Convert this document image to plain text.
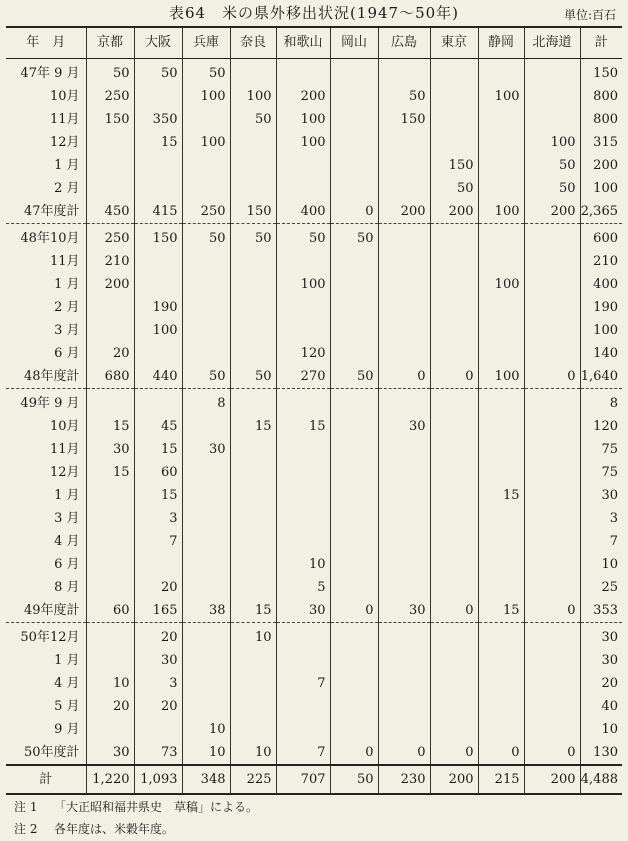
表64　米の県外移出状況(1947〜50年)	単位:百石
年　月	京都	大阪	兵庫	奈良	和歌山	岡山	広島	東京	静岡	北海道	計
47年 9 月	50	50	50								150
10月	250		100	100	200		50		100		800
11月	150	350		50	100		150				800
12月		15	100		100					100	315
1 月								150		50	200
2 月								50		50	100
47年度計	450	415	250	150	400	0	200	200	100	200	2,365
48年10月	250	150	50	50	50	50					600
11月	210										210
1 月	200				100				100		400
2 月		190									190
3 月		100									100
6 月	20				120						140
48年度計	680	440	50	50	270	50	0	0	100	0	1,640
49年 9 月			8								8
10月	15	45		15	15		30				120
11月	30	15	30								75
12月	15	60									75
1 月		15							15		30
3 月		3									3
4 月		7									7
6 月					10						10
8 月		20			5						25
49年度計	60	165	38	15	30	0	30	0	15	0	353
50年12月		20		10							30
1 月		30									30
4 月	10	3			7						20
5 月	20	20									40
9 月			10								10
50年度計	30	73	10	10	7	0	0	0	0	0	130
計	1,220	1,093	348	225	707	50	230	200	215	200	4,488
注 1 「大正昭和福井県史　草稿」による。
注 2 各年度は、米穀年度。
